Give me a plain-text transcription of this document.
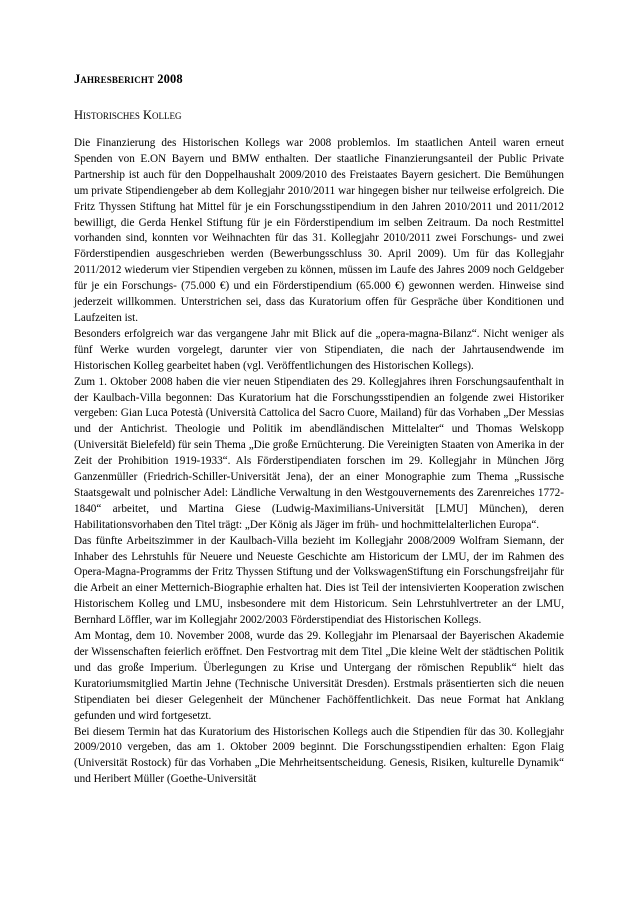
Jahresbericht 2008
Historisches Kolleg

Die Finanzierung des Historischen Kollegs war 2008 problemlos. Im staatlichen Anteil waren erneut Spenden von E.ON Bayern und BMW enthalten. Der staatliche Finanzierungsanteil der Public Private Partnership ist auch für den Doppelhaushalt 2009/2010 des Freistaates Bayern gesichert. Die Bemühungen um private Stipendiengeber ab dem Kollegjahr 2010/2011 war hingegen bisher nur teilweise erfolgreich. Die Fritz Thyssen Stiftung hat Mittel für je ein Forschungsstipendium in den Jahren 2010/2011 und 2011/2012 bewilligt, die Gerda Henkel Stiftung für je ein Förderstipendium im selben Zeitraum. Da noch Restmittel vorhanden sind, konnten vor Weihnachten für das 31. Kollegjahr 2010/2011 zwei Forschungs- und zwei Förderstipendien ausgeschrieben werden (Bewerbungsschluss 30. April 2009). Um für das Kollegjahr 2011/2012 wiederum vier Stipendien vergeben zu können, müssen im Laufe des Jahres 2009 noch Geldgeber für je ein Forschungs- (75.000 €) und ein Förderstipendium (65.000 €) gewonnen werden. Hinweise sind jederzeit willkommen. Unterstrichen sei, dass das Kuratorium offen für Gespräche über Konditionen und Laufzeiten ist.

Besonders erfolgreich war das vergangene Jahr mit Blick auf die „opera-magna-Bilanz“. Nicht weniger als fünf Werke wurden vorgelegt, darunter vier von Stipendiaten, die nach der Jahrtausendwende im Historischen Kolleg gearbeitet haben (vgl. Veröffentlichungen des Historischen Kollegs).

Zum 1. Oktober 2008 haben die vier neuen Stipendiaten des 29. Kollegjahres ihren Forschungsaufenthalt in der Kaulbach-Villa begonnen: Das Kuratorium hat die Forschungsstipendien an folgende zwei Historiker vergeben: Gian Luca Potestà (Università Cattolica del Sacro Cuore, Mailand) für das Vorhaben „Der Messias und der Antichrist. Theologie und Politik im abendländischen Mittelalter“ und Thomas Welskopp (Universität Bielefeld) für sein Thema „Die große Ernüchterung. Die Vereinigten Staaten von Amerika in der Zeit der Prohibition 1919-1933“. Als Förderstipendiaten forschen im 29. Kollegjahr in München Jörg Ganzenmüller (Friedrich-Schiller-Universität Jena), der an einer Monographie zum Thema „Russische Staatsgewalt und polnischer Adel: Ländliche Verwaltung in den Westgouvernements des Zarenreiches 1772-1840“ arbeitet, und Martina Giese (Ludwig-Maximilians-Universität [LMU] München), deren Habilitationsvorhaben den Titel trägt: „Der König als Jäger im früh- und hochmittelalterlichen Europa“.

Das fünfte Arbeitszimmer in der Kaulbach-Villa bezieht im Kollegjahr 2008/2009 Wolfram Siemann, der Inhaber des Lehrstuhls für Neuere und Neueste Geschichte am Historicum der LMU, der im Rahmen des Opera-Magna-Programms der Fritz Thyssen Stiftung und der VolkswagenStiftung ein Forschungsfreijahr für die Arbeit an einer Metternich-Biographie erhalten hat. Dies ist Teil der intensivierten Kooperation zwischen Historischem Kolleg und LMU, insbesondere mit dem Historicum. Sein Lehrstuhlvertreter an der LMU, Bernhard Löffler, war im Kollegjahr 2002/2003 Förderstipendiat des Historischen Kollegs.

Am Montag, dem 10. November 2008, wurde das 29. Kollegjahr im Plenarsaal der Bayerischen Akademie der Wissenschaften feierlich eröffnet. Den Festvortrag mit dem Titel „Die kleine Welt der städtischen Politik und das große Imperium. Überlegungen zu Krise und Untergang der römischen Republik“ hielt das Kuratoriumsmitglied Martin Jehne (Technische Universität Dresden). Erstmals präsentierten sich die neuen Stipendiaten bei dieser Gelegenheit der Münchener Fachöffentlichkeit. Das neue Format hat Anklang gefunden und wird fortgesetzt.

Bei diesem Termin hat das Kuratorium des Historischen Kollegs auch die Stipendien für das 30. Kollegjahr 2009/2010 vergeben, das am 1. Oktober 2009 beginnt. Die Forschungsstipendien erhalten: Egon Flaig (Universität Rostock) für das Vorhaben „Die Mehrheitsentscheidung. Genesis, Risiken, kulturelle Dynamik“ und Heribert Müller (Goethe-Universität
